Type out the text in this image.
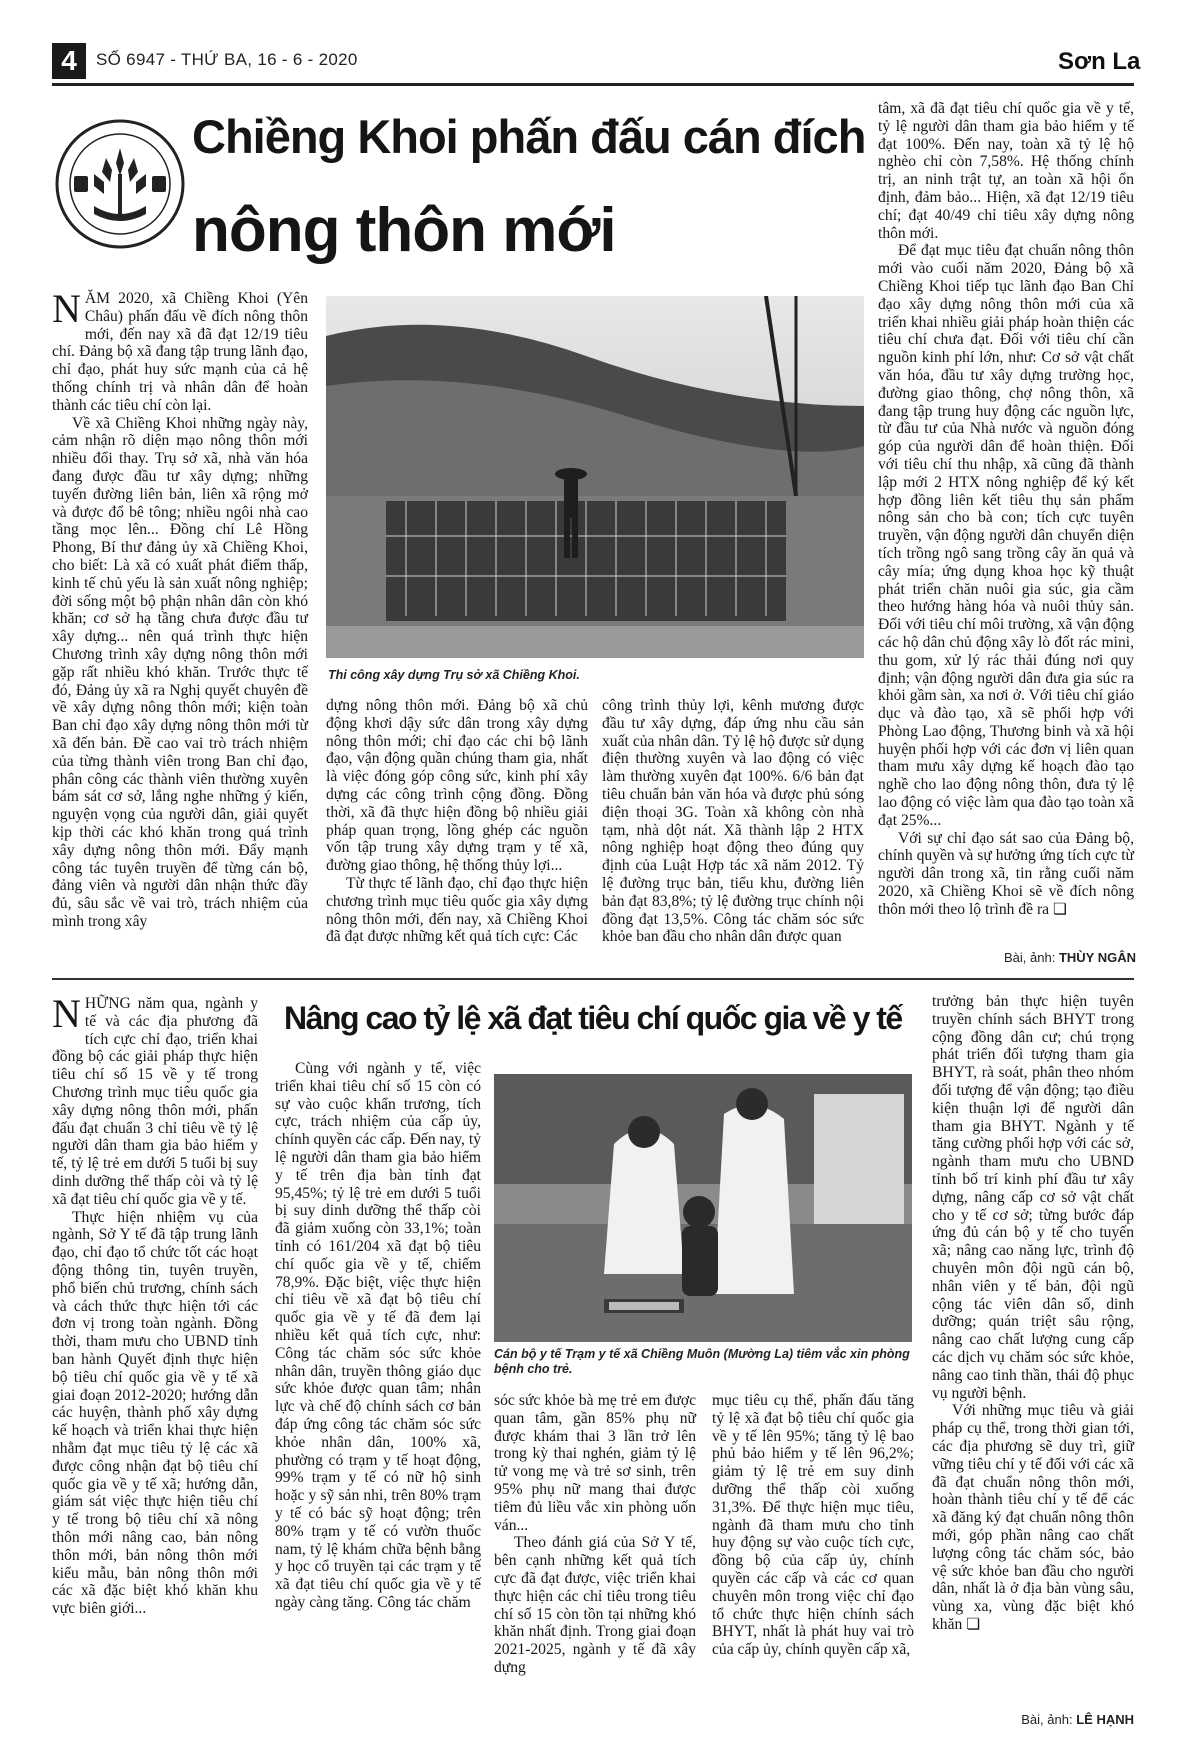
4	SỐ 6947 - THỨ BA, 16 - 6 - 2020	Sơn La
Chiềng Khoi phấn đấu cán đích
nông thôn mới

NĂM 2020, xã Chiềng Khoi (Yên Châu) phấn đấu về đích nông thôn mới, đến nay xã đã đạt 12/19 tiêu chí. Đảng bộ xã đang tập trung lãnh đạo, chỉ đạo, phát huy sức mạnh của cả hệ thống chính trị và nhân dân để hoàn thành các tiêu chí còn lại.

Về xã Chiềng Khoi những ngày này, cảm nhận rõ diện mạo nông thôn mới nhiều đổi thay. Trụ sở xã, nhà văn hóa đang được đầu tư xây dựng; những tuyến đường liên bản, liên xã rộng mở và được đổ bê tông; nhiều ngôi nhà cao tầng mọc lên... Đồng chí Lê Hồng Phong, Bí thư đảng ủy xã Chiềng Khoi, cho biết: Là xã có xuất phát điểm thấp, kinh tế chủ yếu là sản xuất nông nghiệp; đời sống một bộ phận nhân dân còn khó khăn; cơ sở hạ tầng chưa được đầu tư xây dựng... nên quá trình thực hiện Chương trình xây dựng nông thôn mới gặp rất nhiều khó khăn. Trước thực tế đó, Đảng ủy xã ra Nghị quyết chuyên đề về xây dựng nông thôn mới; kiện toàn Ban chỉ đạo xây dựng nông thôn mới từ xã đến bản. Đề cao vai trò trách nhiệm của từng thành viên trong Ban chỉ đạo, phân công các thành viên thường xuyên bám sát cơ sở, lắng nghe những ý kiến, nguyện vọng của người dân, giải quyết kịp thời các khó khăn trong quá trình xây dựng nông thôn mới. Đẩy mạnh công tác tuyên truyền để từng cán bộ, đảng viên và người dân nhận thức đầy đủ, sâu sắc về vai trò, trách nhiệm của mình trong xây

Thi công xây dựng Trụ sở xã Chiềng Khoi.

dựng nông thôn mới. Đảng bộ xã chủ động khơi dậy sức dân trong xây dựng nông thôn mới; chỉ đạo các chi bộ lãnh đạo, vận động quần chúng tham gia, nhất là việc đóng góp công sức, kinh phí xây dựng các công trình cộng đồng. Đồng thời, xã đã thực hiện đồng bộ nhiều giải pháp quan trọng, lồng ghép các nguồn vốn tập trung xây dựng trạm y tế xã, đường giao thông, hệ thống thủy lợi...

Từ thực tế lãnh đạo, chỉ đạo thực hiện chương trình mục tiêu quốc gia xây dựng nông thôn mới, đến nay, xã Chiềng Khoi đã đạt được những kết quả tích cực: Các

công trình thủy lợi, kênh mương được đầu tư xây dựng, đáp ứng nhu cầu sản xuất của nhân dân. Tỷ lệ hộ được sử dụng điện thường xuyên và lao động có việc làm thường xuyên đạt 100%. 6/6 bản đạt tiêu chuẩn bản văn hóa và được phủ sóng điện thoại 3G. Toàn xã không còn nhà tạm, nhà dột nát. Xã thành lập 2 HTX nông nghiệp hoạt động theo đúng quy định của Luật Hợp tác xã năm 2012. Tỷ lệ đường trục bản, tiểu khu, đường liên bản đạt 83,8%; tỷ lệ đường trục chính nội đồng đạt 13,5%. Công tác chăm sóc sức khỏe ban đầu cho nhân dân được quan

tâm, xã đã đạt tiêu chí quốc gia về y tế, tỷ lệ người dân tham gia bảo hiểm y tế đạt 100%. Đến nay, toàn xã tỷ lệ hộ nghèo chỉ còn 7,58%. Hệ thống chính trị, an ninh trật tự, an toàn xã hội ổn định, đảm bảo... Hiện, xã đạt 12/19 tiêu chí; đạt 40/49 chỉ tiêu xây dựng nông thôn mới.

Để đạt mục tiêu đạt chuẩn nông thôn mới vào cuối năm 2020, Đảng bộ xã Chiềng Khoi tiếp tục lãnh đạo Ban Chỉ đạo xây dựng nông thôn mới của xã triển khai nhiều giải pháp hoàn thiện các tiêu chí chưa đạt. Đối với tiêu chí cần nguồn kinh phí lớn, như: Cơ sở vật chất văn hóa, đầu tư xây dựng trường học, đường giao thông, chợ nông thôn, xã đang tập trung huy động các nguồn lực, từ đầu tư của Nhà nước và nguồn đóng góp của người dân để hoàn thiện. Đối với tiêu chí thu nhập, xã cũng đã thành lập mới 2 HTX nông nghiệp để ký kết hợp đồng liên kết tiêu thụ sản phẩm nông sản cho bà con; tích cực tuyên truyền, vận động người dân chuyển diện tích trồng ngô sang trồng cây ăn quả và cây mía; ứng dụng khoa học kỹ thuật phát triển chăn nuôi gia súc, gia cầm theo hướng hàng hóa và nuôi thủy sản. Đối với tiêu chí môi trường, xã vận động các hộ dân chủ động xây lò đốt rác mini, thu gom, xử lý rác thải đúng nơi quy định; vận động người dân đưa gia súc ra khỏi gầm sàn, xa nơi ở. Với tiêu chí giáo dục và đào tạo, xã sẽ phối hợp với Phòng Lao động, Thương binh và xã hội huyện phối hợp với các đơn vị liên quan tham mưu xây dựng kế hoạch đào tạo nghề cho lao động nông thôn, đưa tỷ lệ lao động có việc làm qua đào tạo toàn xã đạt 25%...

Với sự chỉ đạo sát sao của Đảng bộ, chính quyền và sự hưởng ứng tích cực từ người dân trong xã, tin rằng cuối năm 2020, xã Chiềng Khoi sẽ về đích nông thôn mới theo lộ trình đề ra ❏

Bài, ảnh: THÙY NGÂN
Nâng cao tỷ lệ xã đạt tiêu chí quốc gia về y tế

NHỮNG năm qua, ngành y tế và các địa phương đã tích cực chỉ đạo, triển khai đồng bộ các giải pháp thực hiện tiêu chí số 15 về y tế trong Chương trình mục tiêu quốc gia xây dựng nông thôn mới, phấn đấu đạt chuẩn 3 chỉ tiêu về tỷ lệ người dân tham gia bảo hiểm y tế, tỷ lệ trẻ em dưới 5 tuổi bị suy dinh dưỡng thể thấp còi và tỷ lệ xã đạt tiêu chí quốc gia về y tế.

Thực hiện nhiệm vụ của ngành, Sở Y tế đã tập trung lãnh đạo, chỉ đạo tổ chức tốt các hoạt động thông tin, tuyên truyền, phổ biến chủ trương, chính sách và cách thức thực hiện tới các đơn vị trong toàn ngành. Đồng thời, tham mưu cho UBND tỉnh ban hành Quyết định thực hiện bộ tiêu chí quốc gia về y tế xã giai đoạn 2012-2020; hướng dẫn các huyện, thành phố xây dựng kế hoạch và triển khai thực hiện nhằm đạt mục tiêu tỷ lệ các xã được công nhận đạt bộ tiêu chí quốc gia về y tế xã; hướng dẫn, giám sát việc thực hiện tiêu chí y tế trong bộ tiêu chí xã nông thôn mới nâng cao, bản nông thôn mới, bản nông thôn mới kiểu mẫu, bản nông thôn mới các xã đặc biệt khó khăn khu vực biên giới...

Cùng với ngành y tế, việc triển khai tiêu chí số 15 còn có sự vào cuộc khẩn trương, tích cực, trách nhiệm của cấp ủy, chính quyền các cấp. Đến nay, tỷ lệ người dân tham gia bảo hiểm y tế trên địa bàn tỉnh đạt 95,45%; tỷ lệ trẻ em dưới 5 tuổi bị suy dinh dưỡng thể thấp còi đã giảm xuống còn 33,1%; toàn tỉnh có 161/204 xã đạt bộ tiêu chí quốc gia về y tế, chiếm 78,9%. Đặc biệt, việc thực hiện chỉ tiêu về xã đạt bộ tiêu chí quốc gia về y tế đã đem lại nhiều kết quả tích cực, như: Công tác chăm sóc sức khỏe nhân dân, truyền thông giáo dục sức khỏe được quan tâm; nhân lực và chế độ chính sách cơ bản đáp ứng công tác chăm sóc sức khỏe nhân dân, 100% xã, phường có trạm y tế hoạt động, 99% trạm y tế có nữ hộ sinh hoặc y sỹ sản nhi, trên 80% trạm y tế có bác sỹ hoạt động; trên 80% trạm y tế có vườn thuốc nam, tỷ lệ khám chữa bệnh bằng y học cổ truyền tại các trạm y tế xã đạt tiêu chí quốc gia về y tế ngày càng tăng. Công tác chăm

Cán bộ y tế Trạm y tế xã Chiềng Muôn (Mường La) tiêm vắc xin phòng bệnh cho trẻ.

sóc sức khỏe bà mẹ trẻ em được quan tâm, gần 85% phụ nữ được khám thai 3 lần trở lên trong kỳ thai nghén, giảm tỷ lệ tử vong mẹ và trẻ sơ sinh, trên 95% phụ nữ mang thai được tiêm đủ liều vắc xin phòng uốn ván...

Theo đánh giá của Sở Y tế, bên cạnh những kết quả tích cực đã đạt được, việc triển khai thực hiện các chỉ tiêu trong tiêu chí số 15 còn tồn tại những khó khăn nhất định. Trong giai đoạn 2021-2025, ngành y tế đã xây dựng

mục tiêu cụ thể, phấn đấu tăng tỷ lệ xã đạt bộ tiêu chí quốc gia về y tế lên 95%; tăng tỷ lệ bao phủ bảo hiểm y tế lên 96,2%; giảm tỷ lệ trẻ em suy dinh dưỡng thể thấp còi xuống 31,3%. Để thực hiện mục tiêu, ngành đã tham mưu cho tỉnh huy động sự vào cuộc tích cực, đồng bộ của cấp ủy, chính quyền các cấp và các cơ quan chuyên môn trong việc chỉ đạo tổ chức thực hiện chính sách BHYT, nhất là phát huy vai trò của cấp ủy, chính quyền cấp xã,

trưởng bản thực hiện tuyên truyền chính sách BHYT trong cộng đồng dân cư; chú trọng phát triển đối tượng tham gia BHYT, rà soát, phân theo nhóm đối tượng để vận động; tạo điều kiện thuận lợi để người dân tham gia BHYT. Ngành y tế tăng cường phối hợp với các sở, ngành tham mưu cho UBND tỉnh bố trí kinh phí đầu tư xây dựng, nâng cấp cơ sở vật chất cho y tế cơ sở; từng bước đáp ứng đủ cán bộ y tế cho tuyến xã; nâng cao năng lực, trình độ chuyên môn đội ngũ cán bộ, nhân viên y tế bản, đội ngũ cộng tác viên dân số, dinh dưỡng; quán triệt sâu rộng, nâng cao chất lượng cung cấp các dịch vụ chăm sóc sức khỏe, nâng cao tinh thần, thái độ phục vụ người bệnh.

Với những mục tiêu và giải pháp cụ thể, trong thời gian tới, các địa phương sẽ duy trì, giữ vững tiêu chí y tế đối với các xã đã đạt chuẩn nông thôn mới, hoàn thành tiêu chí y tế để các xã đăng ký đạt chuẩn nông thôn mới, góp phần nâng cao chất lượng công tác chăm sóc, bảo vệ sức khỏe ban đầu cho người dân, nhất là ở địa bàn vùng sâu, vùng xa, vùng đặc biệt khó khăn ❏

Bài, ảnh: LÊ HẠNH
